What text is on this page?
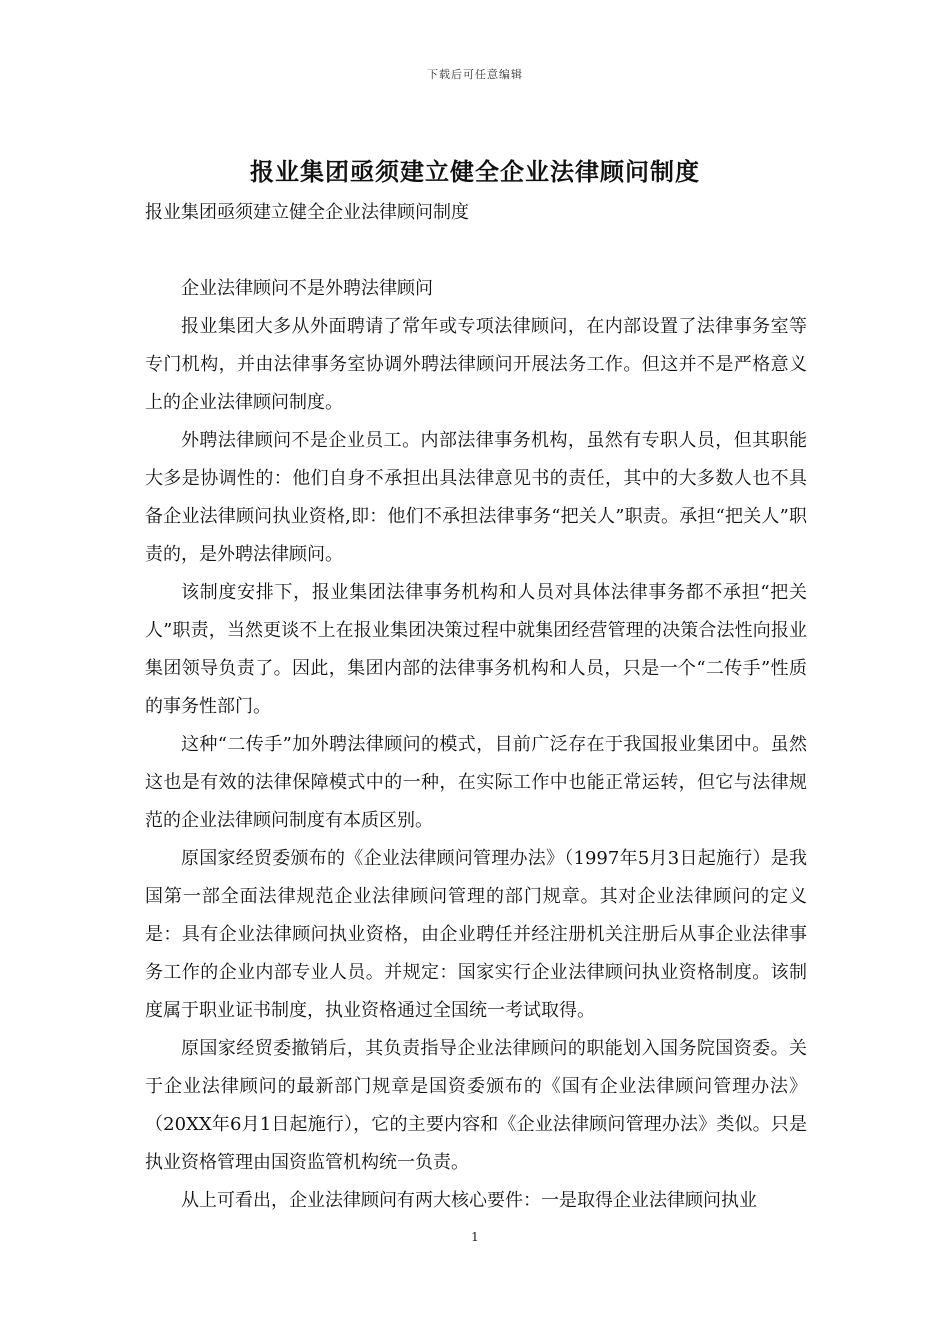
下载后可任意编辑
报业集团亟须建立健全企业法律顾问制度

报业集团亟须建立健全企业法律顾问制度

企业法律顾问不是外聘法律顾问

报业集团大多从外面聘请了常年或专项法律顾问，在内部设置了法律事务室等专门机构，并由法律事务室协调外聘法律顾问开展法务工作。但这并不是严格意义上的企业法律顾问制度。

外聘法律顾问不是企业员工。内部法律事务机构，虽然有专职人员，但其职能大多是协调性的：他们自身不承担出具法律意见书的责任，其中的大多数人也不具备企业法律顾问执业资格,即：他们不承担法律事务“把关人”职责。承担“把关人”职责的，是外聘法律顾问。

该制度安排下，报业集团法律事务机构和人员对具体法律事务都不承担“把关人”职责，当然更谈不上在报业集团决策过程中就集团经营管理的决策合法性向报业集团领导负责了。因此，集团内部的法律事务机构和人员，只是一个“二传手”性质的事务性部门。

这种“二传手”加外聘法律顾问的模式，目前广泛存在于我国报业集团中。虽然这也是有效的法律保障模式中的一种，在实际工作中也能正常运转，但它与法律规范的企业法律顾问制度有本质区别。

原国家经贸委颁布的《企业法律顾问管理办法》（1997年5月3日起施行）是我国第一部全面法律规范企业法律顾问管理的部门规章。其对企业法律顾问的定义是：具有企业法律顾问执业资格，由企业聘任并经注册机关注册后从事企业法律事务工作的企业内部专业人员。并规定：国家实行企业法律顾问执业资格制度。该制度属于职业证书制度，执业资格通过全国统一考试取得。

原国家经贸委撤销后，其负责指导企业法律顾问的职能划入国务院国资委。关于企业法律顾问的最新部门规章是国资委颁布的《国有企业法律顾问管理办法》（20XX年6月1日起施行），它的主要内容和《企业法律顾问管理办法》类似。只是执业资格管理由国资监管机构统一负责。

从上可看出，企业法律顾问有两大核心要件：一是取得企业法律顾问执业

1
